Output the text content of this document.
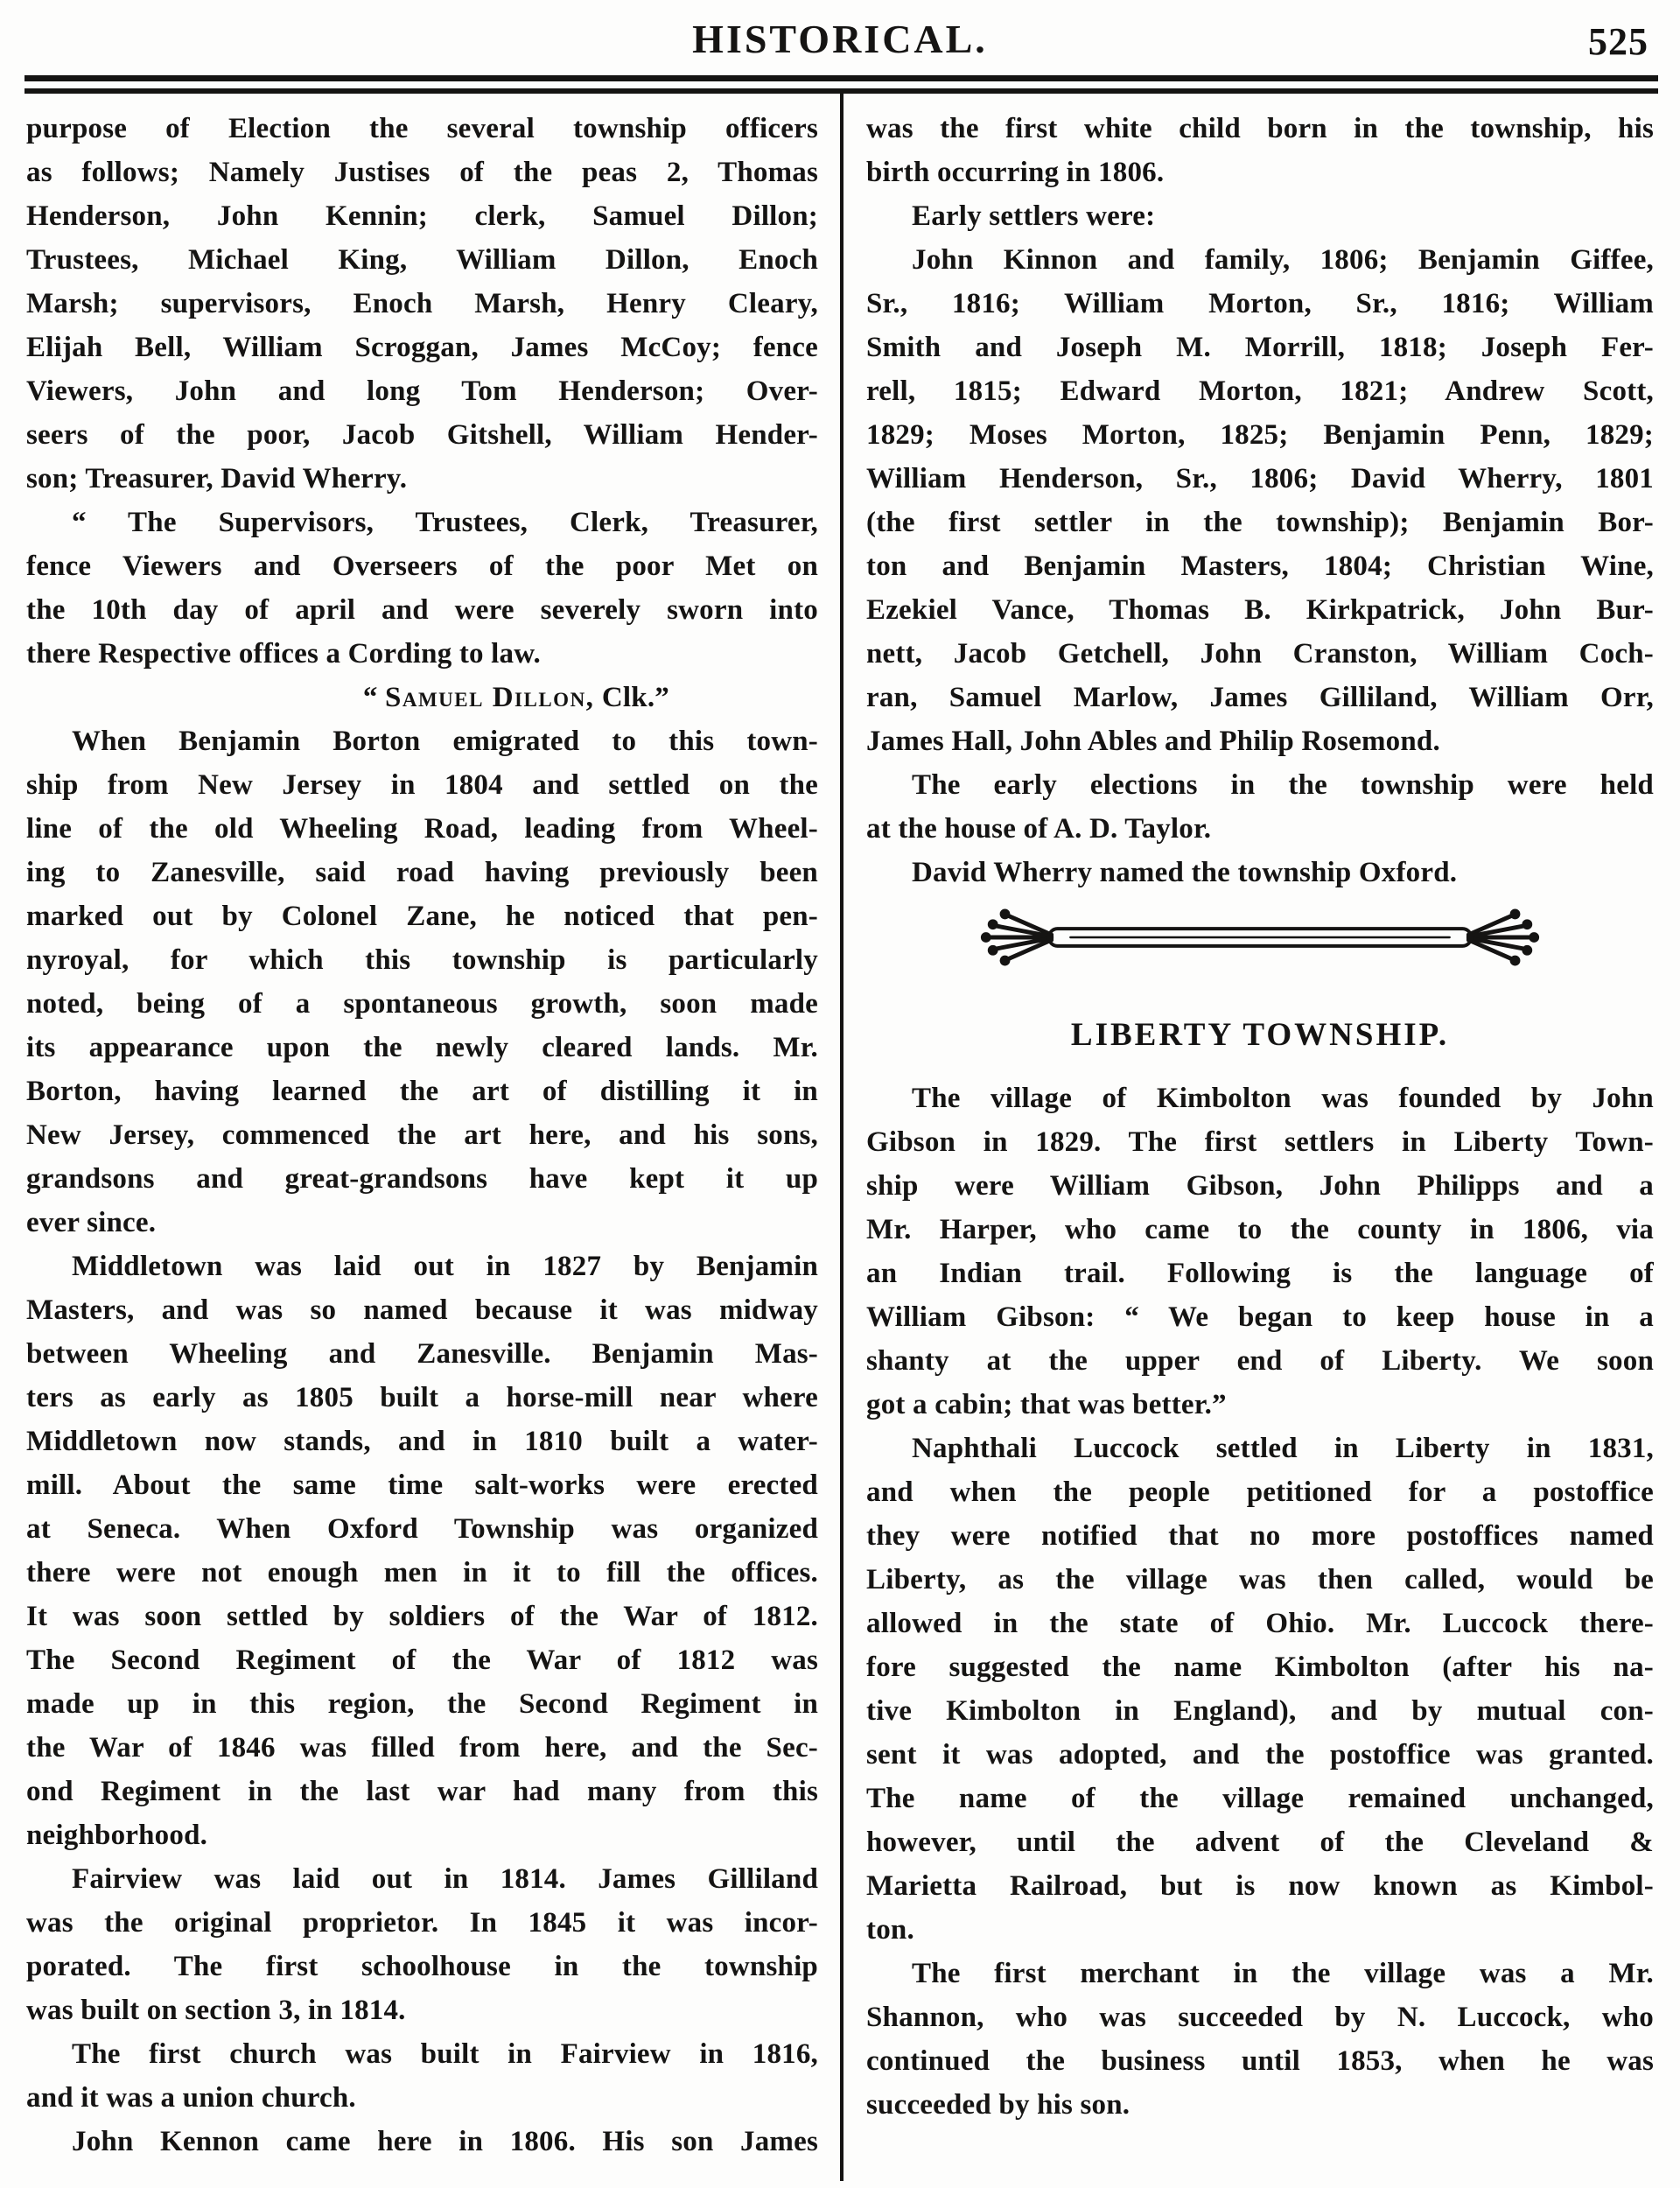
HISTORICAL.	525
purpose of Election the several township officers
as follows; Namely Justises of the peas 2, Thomas
Henderson, John Kennin; clerk, Samuel Dillon;
Trustees, Michael King, William Dillon, Enoch
Marsh; supervisors, Enoch Marsh, Henry Cleary,
Elijah Bell, William Scroggan, James McCoy; fence
Viewers, John and long Tom Henderson; Over-
seers of the poor, Jacob Gitshell, William Hender-
son; Treasurer, David Wherry.
“ The Supervisors, Trustees, Clerk, Treasurer,
fence Viewers and Overseers of the poor Met on
the 10th day of april and were severely sworn into
there Respective offices a Cording to law.
“ Samuel Dillon, Clk.”
When Benjamin Borton emigrated to this town-
ship from New Jersey in 1804 and settled on the
line of the old Wheeling Road, leading from Wheel-
ing to Zanesville, said road having previously been
marked out by Colonel Zane, he noticed that pen-
nyroyal, for which this township is particularly
noted, being of a spontaneous growth, soon made
its appearance upon the newly cleared lands. Mr.
Borton, having learned the art of distilling it in
New Jersey, commenced the art here, and his sons,
grandsons and great-grandsons have kept it up
ever since.
Middletown was laid out in 1827 by Benjamin
Masters, and was so named because it was midway
between Wheeling and Zanesville. Benjamin Mas-
ters as early as 1805 built a horse-mill near where
Middletown now stands, and in 1810 built a water-
mill. About the same time salt-works were erected
at Seneca. When Oxford Township was organized
there were not enough men in it to fill the offices.
It was soon settled by soldiers of the War of 1812.
The Second Regiment of the War of 1812 was
made up in this region, the Second Regiment in
the War of 1846 was filled from here, and the Sec-
ond Regiment in the last war had many from this
neighborhood.
Fairview was laid out in 1814. James Gilliland
was the original proprietor. In 1845 it was incor-
porated. The first schoolhouse in the township
was built on section 3, in 1814.
The first church was built in Fairview in 1816,
and it was a union church.
John Kennon came here in 1806. His son James
was the first white child born in the township, his
birth occurring in 1806.
Early settlers were:
John Kinnon and family, 1806; Benjamin Giffee,
Sr., 1816; William Morton, Sr., 1816; William
Smith and Joseph M. Morrill, 1818; Joseph Fer-
rell, 1815; Edward Morton, 1821; Andrew Scott,
1829; Moses Morton, 1825; Benjamin Penn, 1829;
William Henderson, Sr., 1806; David Wherry, 1801
(the first settler in the township); Benjamin Bor-
ton and Benjamin Masters, 1804; Christian Wine,
Ezekiel Vance, Thomas B. Kirkpatrick, John Bur-
nett, Jacob Getchell, John Cranston, William Coch-
ran, Samuel Marlow, James Gilliland, William Orr,
James Hall, John Ables and Philip Rosemond.
The early elections in the township were held
at the house of A. D. Taylor.
David Wherry named the township Oxford.
LIBERTY TOWNSHIP.
The village of Kimbolton was founded by John
Gibson in 1829. The first settlers in Liberty Town-
ship were William Gibson, John Philipps and a
Mr. Harper, who came to the county in 1806, via
an Indian trail. Following is the language of
William Gibson: “ We began to keep house in a
shanty at the upper end of Liberty. We soon
got a cabin; that was better.”
Naphthali Luccock settled in Liberty in 1831,
and when the people petitioned for a postoffice
they were notified that no more postoffices named
Liberty, as the village was then called, would be
allowed in the state of Ohio. Mr. Luccock there-
fore suggested the name Kimbolton (after his na-
tive Kimbolton in England), and by mutual con-
sent it was adopted, and the postoffice was granted.
The name of the village remained unchanged,
however, until the advent of the Cleveland &
Marietta Railroad, but is now known as Kimbol-
ton.
The first merchant in the village was a Mr.
Shannon, who was succeeded by N. Luccock, who
continued the business until 1853, when he was
succeeded by his son.
